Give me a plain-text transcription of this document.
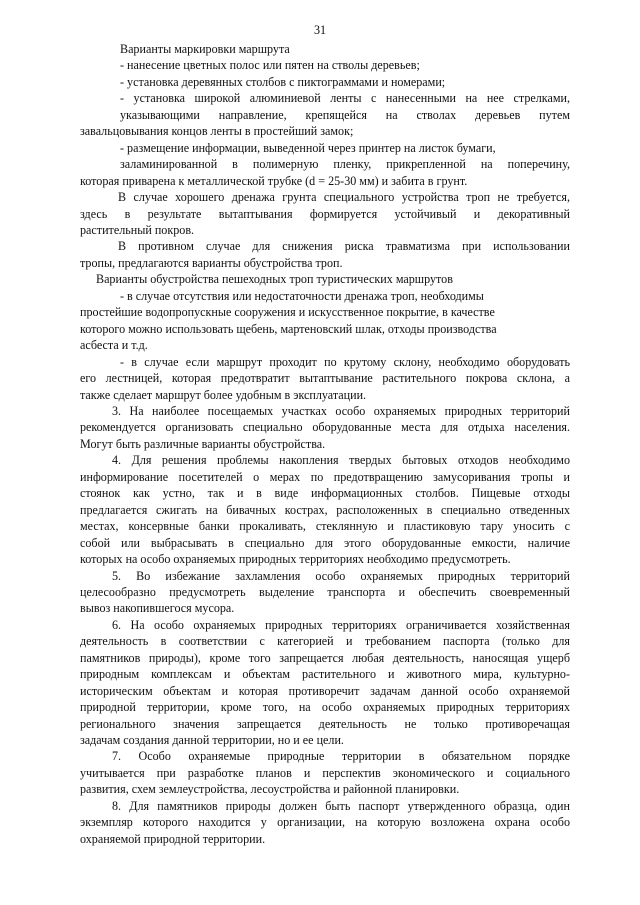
31
Варианты маркировки маршрута
- нанесение цветных полос или пятен на стволы деревьев;
- установка деревянных столбов с пиктограммами и номерами;
- установка широкой алюминиевой ленты с нанесенными на нее стрелками,
указывающими направление, крепящейся на стволах деревьев путем
завальцовывания концов ленты в простейший замок;
- размещение информации, выведенной через принтер на листок бумаги,
заламинированной в полимерную пленку, прикрепленной на поперечину,
которая приварена к металлической трубке (d = 25-30 мм) и забита в грунт.
В случае хорошего дренажа грунта специального устройства троп не требуется,
здесь в результате вытаптывания формируется устойчивый и декоративный
растительный покров.
В противном случае для снижения риска травматизма при использовании
тропы, предлагаются варианты обустройства троп.
Варианты обустройства пешеходных троп туристических маршрутов
- в случае отсутствия или недостаточности дренажа троп, необходимы
простейшие водопропускные сооружения и искусственное покрытие, в качестве
которого можно использовать щебень, мартеновский шлак, отходы производства
асбеста и т.д.
- в случае если маршрут проходит по крутому склону, необходимо оборудовать
его лестницей, которая предотвратит вытаптывание растительного покрова склона, а
также сделает маршрут более удобным в эксплуатации.
3. На наиболее посещаемых участках особо охраняемых природных территорий
рекомендуется организовать специально оборудованные места для отдыха населения.
Могут быть различные варианты обустройства.
4. Для решения проблемы накопления твердых бытовых отходов необходимо
информирование посетителей о мерах по предотвращению замусоривания тропы и
стоянок как устно, так и в виде информационных столбов. Пищевые отходы
предлагается сжигать на бивачных кострах, расположенных в специально отведенных
местах, консервные банки прокаливать, стеклянную и пластиковую тару уносить с
собой или выбрасывать в специально для этого оборудованные емкости, наличие
которых на особо охраняемых природных территориях необходимо предусмотреть.
5. Во избежание захламления особо охраняемых природных территорий
целесообразно предусмотреть выделение транспорта и обеспечить своевременный
вывоз накопившегося мусора.
6. На особо охраняемых природных территориях ограничивается хозяйственная
деятельность в соответствии с категорией и требованием паспорта (только для
памятников природы), кроме того запрещается любая деятельность, наносящая ущерб
природным комплексам и объектам растительного и животного мира, культурно-
историческим объектам и которая противоречит задачам данной особо охраняемой
природной территории, кроме того, на особо охраняемых природных территориях
регионального значения запрещается деятельность не только противоречащая
задачам создания данной территории, но и ее цели.
7. Особо охраняемые природные территории в обязательном порядке
учитывается при разработке планов и перспектив экономического и социального
развития, схем землеустройства, лесоустройства и районной планировки.
8. Для памятников природы должен быть паспорт утвержденного образца, один
экземпляр которого находится у организации, на которую возложена охрана особо
охраняемой природной территории.
